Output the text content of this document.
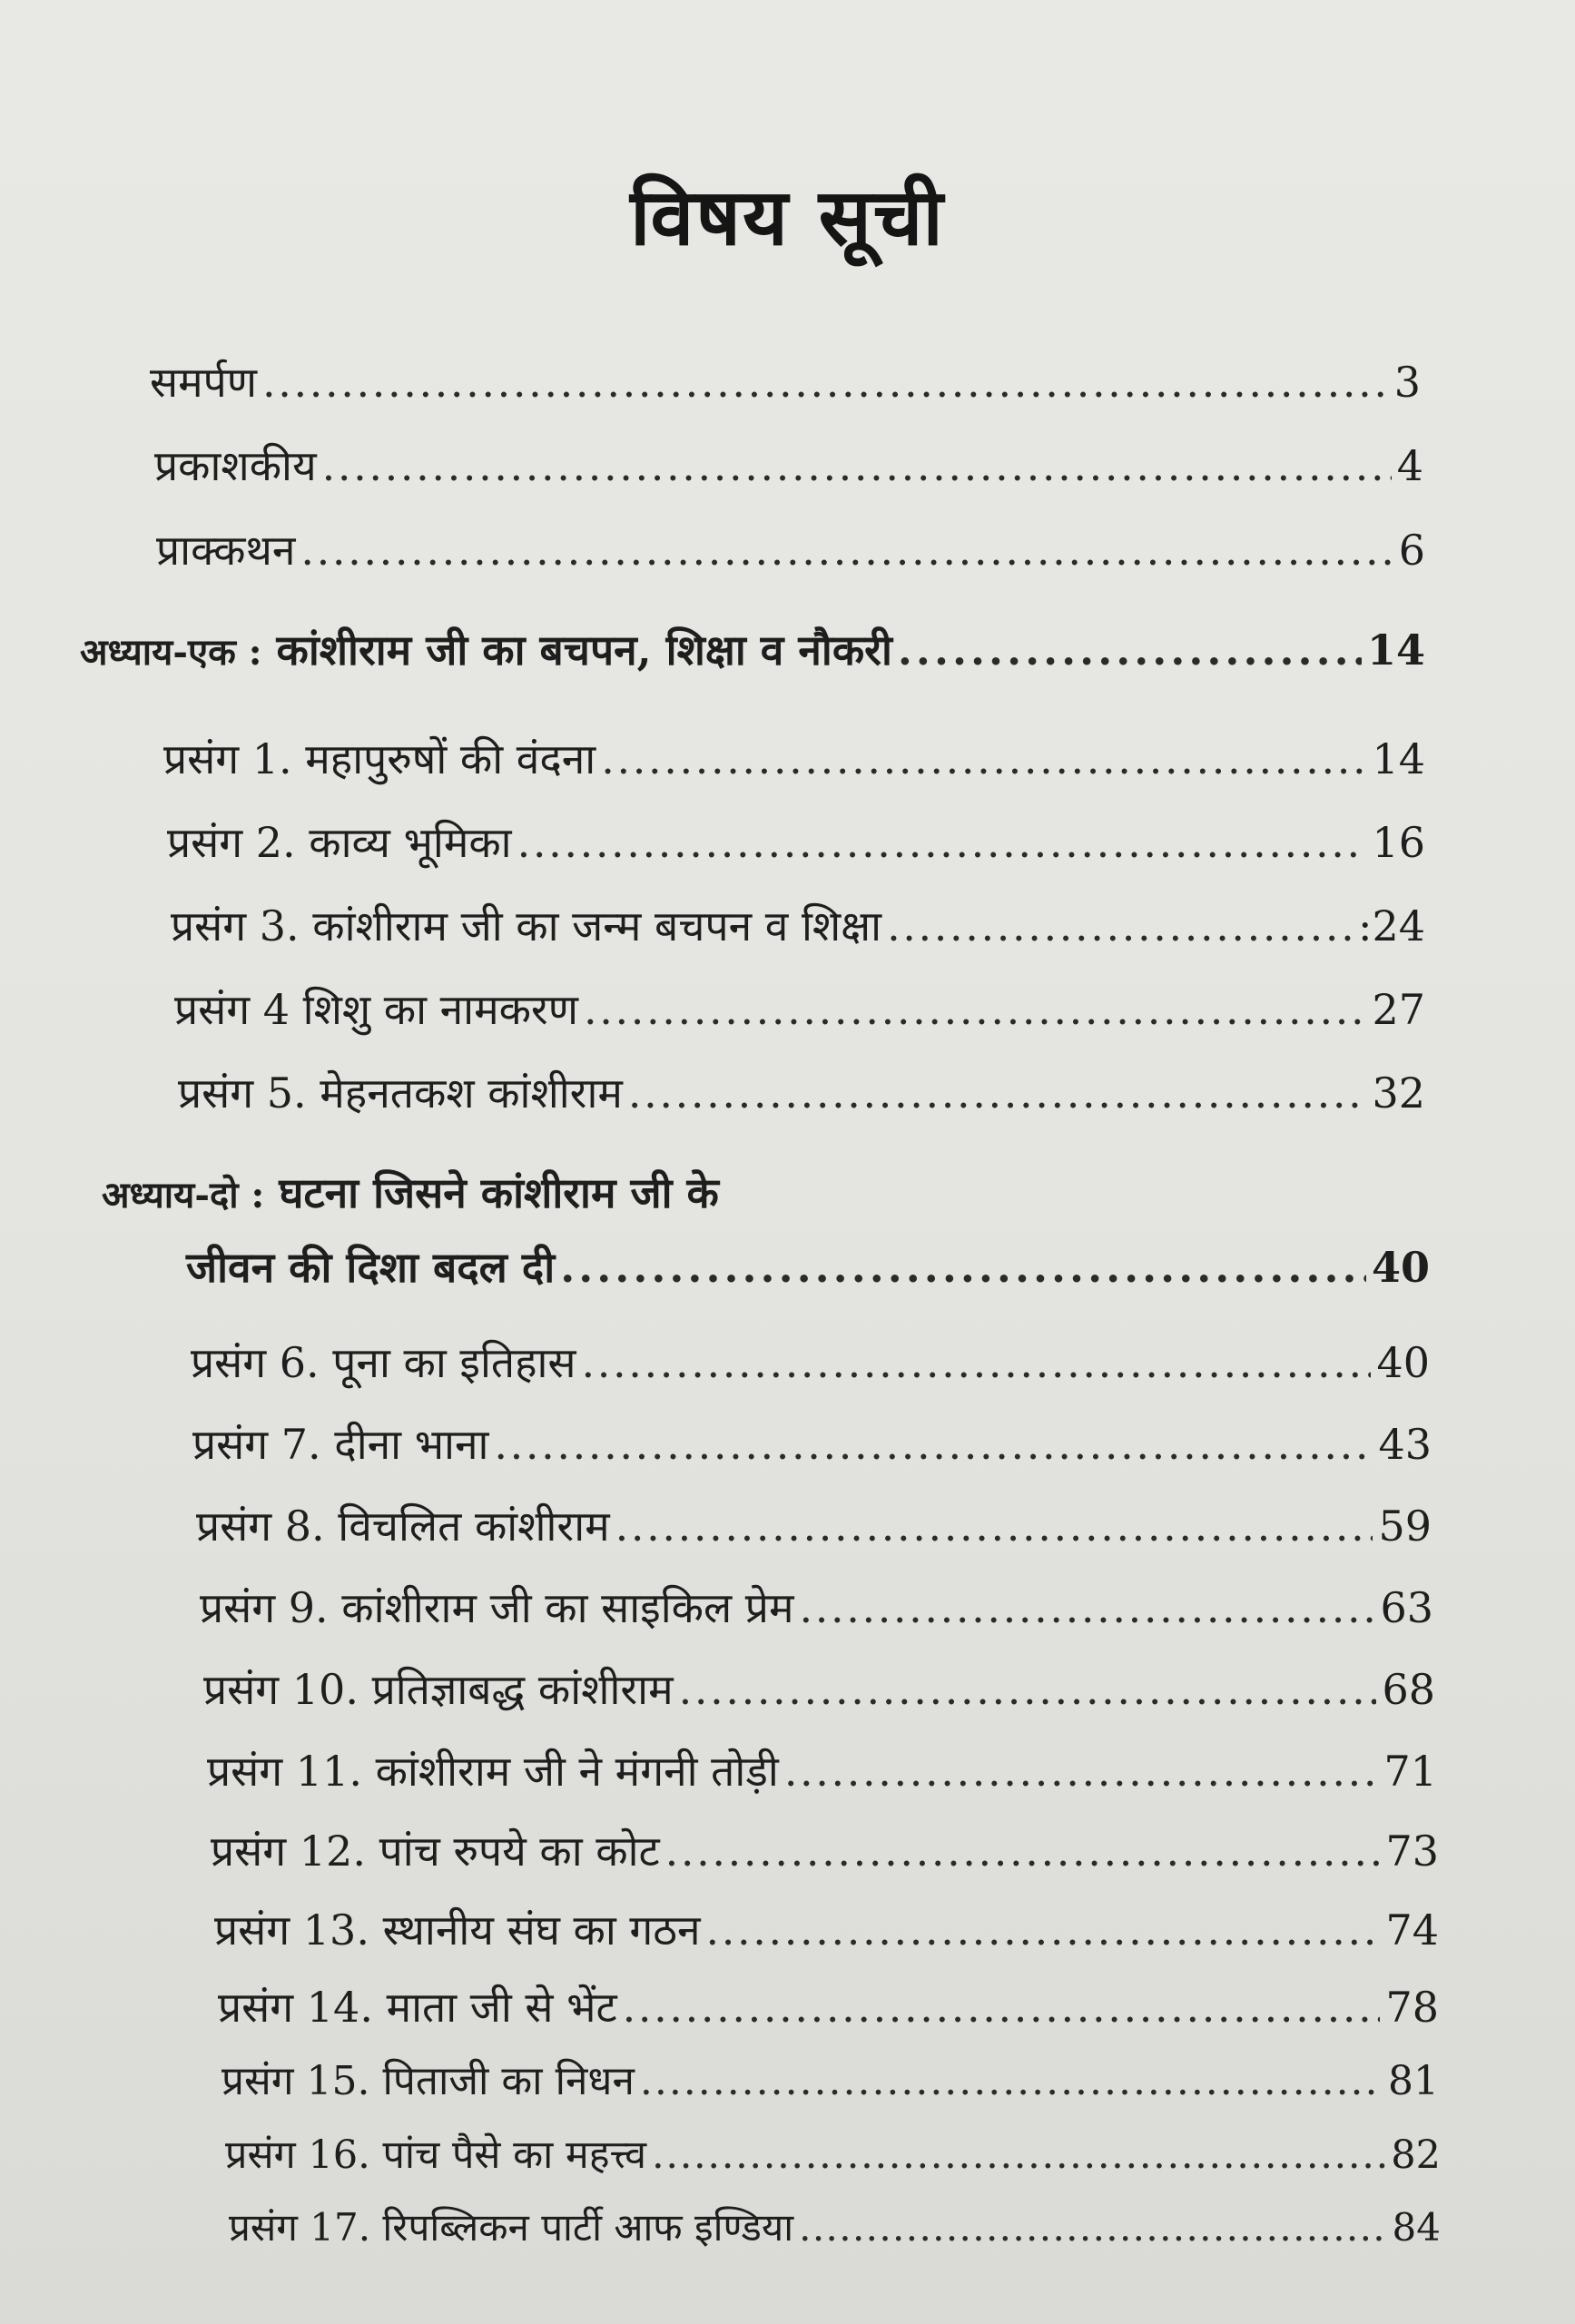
विषय सूची
समर्पण . . .	3
प्रकाशकीय . . .	4
प्राक्कथन . . .	6
अध्याय-एक : कांशीराम जी का बचपन, शिक्षा व नौकरी . . .	14
प्रसंग 1. महापुरुषों की वंदना . . .	14
प्रसंग 2. काव्य भूमिका . . .	16
प्रसंग 3. कांशीराम जी का जन्म बचपन व शिक्षा . . .	:24
प्रसंग 4 शिशु का नामकरण . . .	27
प्रसंग 5. मेहनतकश कांशीराम . . .	32
अध्याय-दो : घटना जिसने कांशीराम जी के
जीवन की दिशा बदल दी . . .	40
प्रसंग 6. पूना का इतिहास . . .	40
प्रसंग 7. दीना भाना . . .	43
प्रसंग 8. विचलित कांशीराम . . .	59
प्रसंग 9. कांशीराम जी का साइकिल प्रेम . . .	63
प्रसंग 10. प्रतिज्ञाबद्ध कांशीराम . . .	68
प्रसंग 11. कांशीराम जी ने मंगनी तोड़ी . . .	71
प्रसंग 12. पांच रुपये का कोट . . .	73
प्रसंग 13. स्थानीय संघ का गठन . . .	74
प्रसंग 14. माता जी से भेंट . . .	78
प्रसंग 15. पिताजी का निधन . . .	81
प्रसंग 16. पांच पैसे का महत्त्व . . .	82
प्रसंग 17. रिपब्लिकन पार्टी आफ इण्डिया . . .	84
